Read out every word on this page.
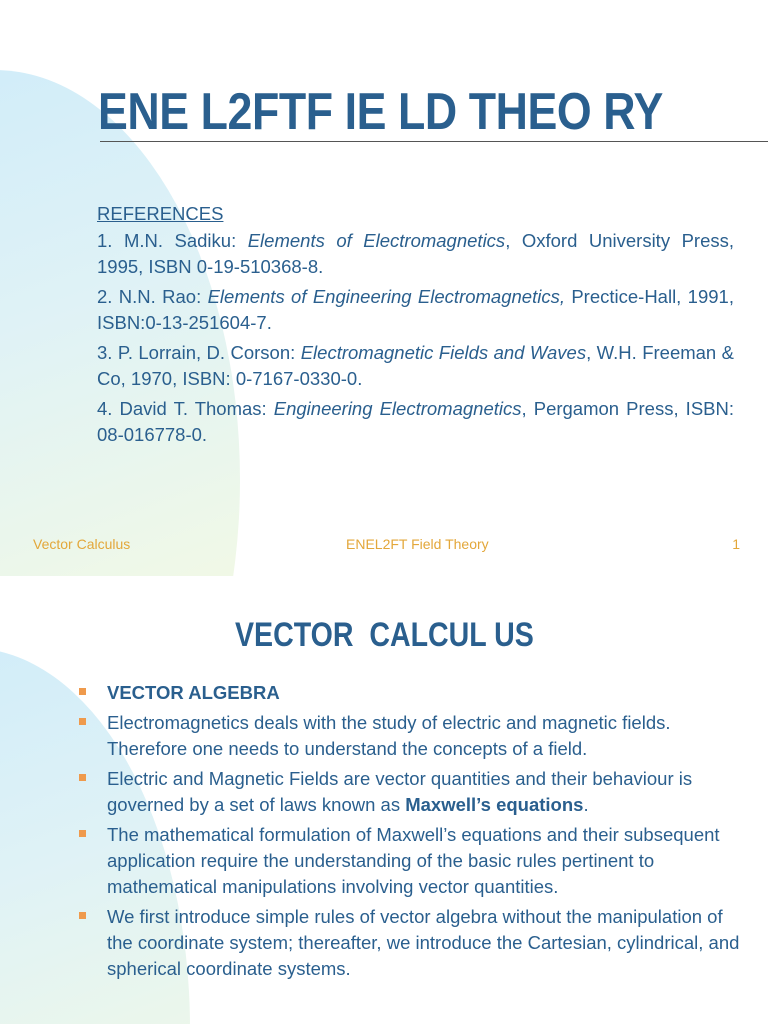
ENE L2FTF IE LD THEO RY
REFERENCES
1. M.N. Sadiku: Elements of Electromagnetics, Oxford University Press, 1995, ISBN 0-19-510368-8.
2. N.N. Rao: Elements of Engineering Electromagnetics, Prectice-Hall, 1991, ISBN:0-13-251604-7.
3. P. Lorrain, D. Corson: Electromagnetic Fields and Waves, W.H. Freeman & Co, 1970, ISBN: 0-7167-0330-0.
4. David T. Thomas: Engineering Electromagnetics, Pergamon Press, ISBN: 08-016778-0.
Vector Calculus	ENEL2FT Field Theory	1
VECTOR  CALCUL US
VECTOR ALGEBRA
Electromagnetics deals with the study of electric and magnetic fields. Therefore one needs to understand the concepts of a field.
Electric and Magnetic Fields are vector quantities and their behaviour is governed by a set of laws known as Maxwell’s equations.
The mathematical formulation of Maxwell’s equations and their subsequent application require the understanding of the basic rules pertinent to mathematical manipulations involving vector quantities.
We first introduce simple rules of vector algebra without the manipulation of the coordinate system; thereafter, we introduce the Cartesian, cylindrical, and spherical coordinate systems.
